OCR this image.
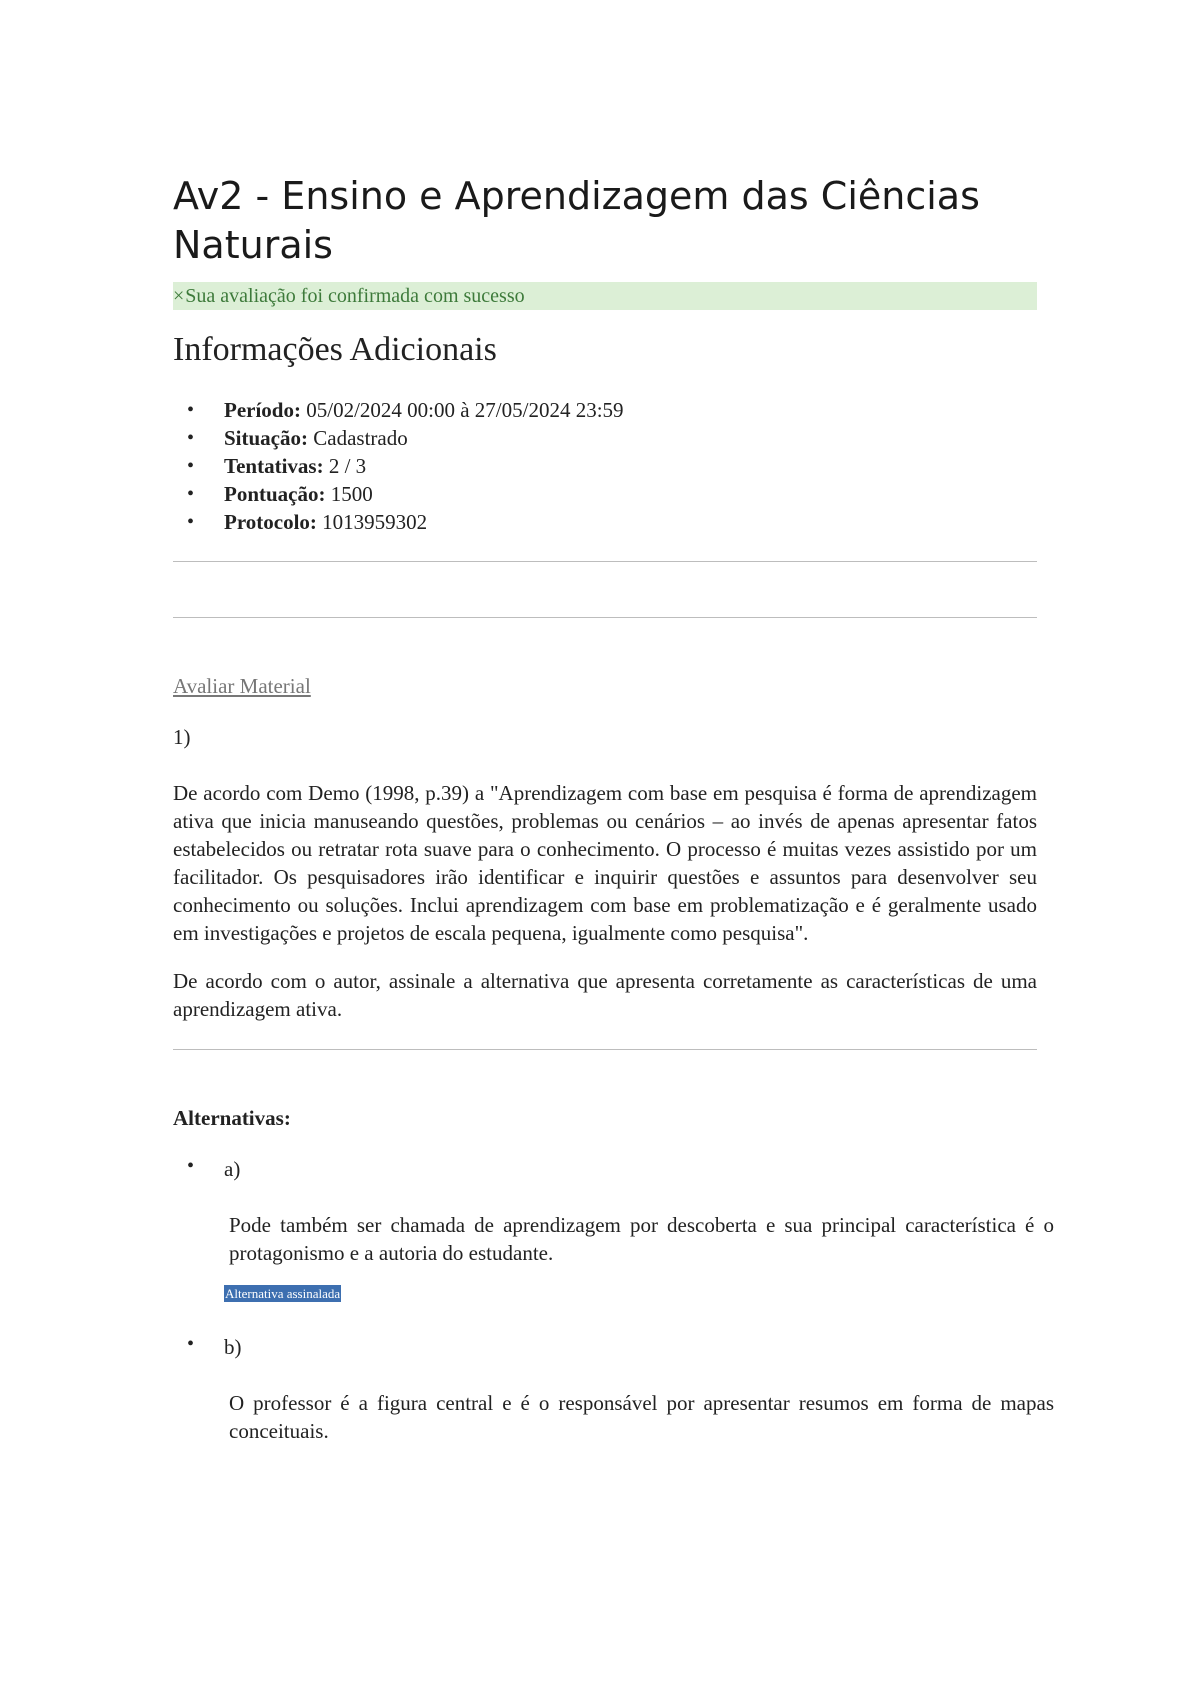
Av2 - Ensino e Aprendizagem das Ciências Naturais
×Sua avaliação foi confirmada com sucesso
Informações Adicionais
• Período: 05/02/2024 00:00 à 27/05/2024 23:59
• Situação: Cadastrado
• Tentativas: 2 / 3
• Pontuação: 1500
• Protocolo: 1013959302
Avaliar Material
1)

De acordo com Demo (1998, p.39) a "Aprendizagem com base em pesquisa é forma de aprendizagem ativa que inicia manuseando questões, problemas ou cenários – ao invés de apenas apresentar fatos estabelecidos ou retratar rota suave para o conhecimento. O processo é muitas vezes assistido por um facilitador. Os pesquisadores irão identificar e inquirir questões e assuntos para desenvolver seu conhecimento ou soluções. Inclui aprendizagem com base em problematização e é geralmente usado em investigações e projetos de escala pequena, igualmente como pesquisa".

De acordo com o autor, assinale a alternativa que apresenta corretamente as características de uma aprendizagem ativa.

Alternativas:
• a)
Pode também ser chamada de aprendizagem por descoberta e sua principal característica é o protagonismo e a autoria do estudante.
Alternativa assinalada
• b)
O professor é a figura central e é o responsável por apresentar resumos em forma de mapas conceituais.
